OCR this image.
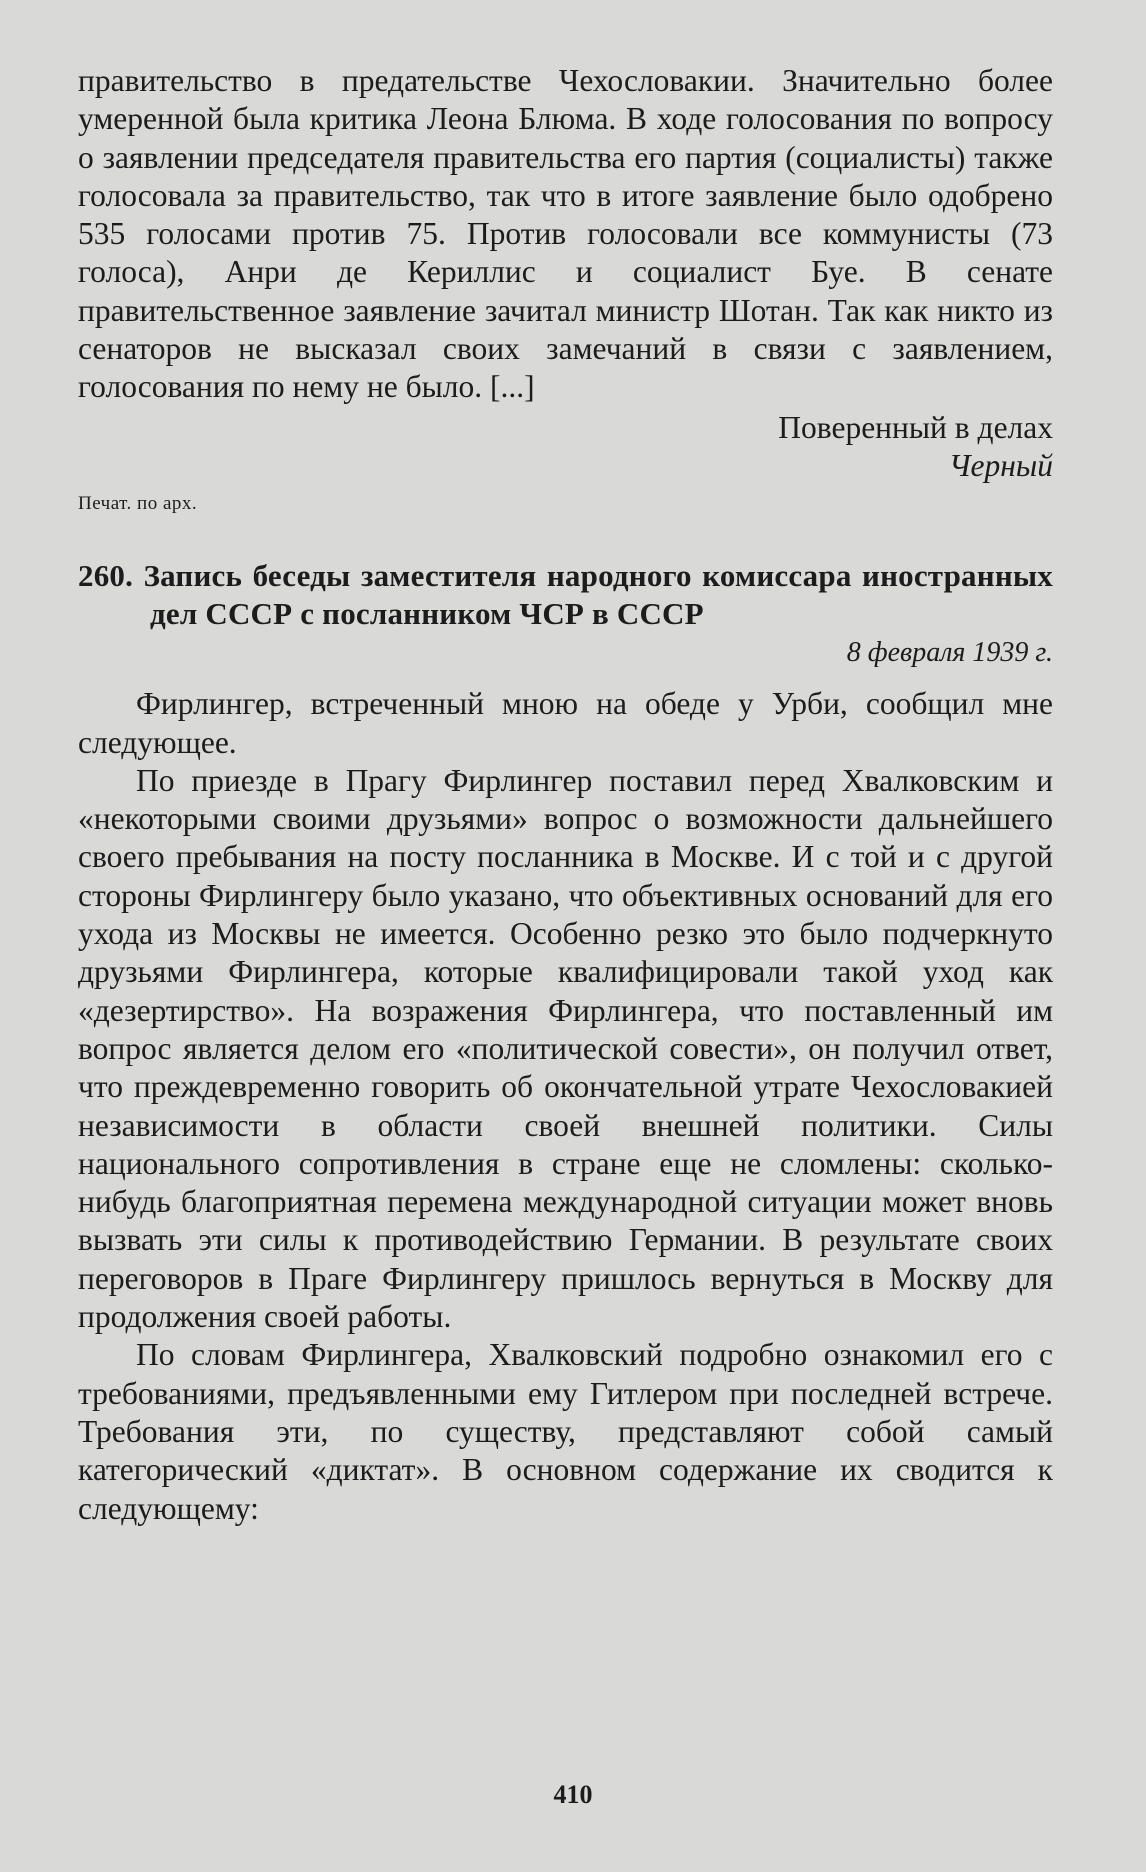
правительство в предательстве Чехословакии. Значительно более умеренной была критика Леона Блюма. В ходе голосования по вопросу о заявлении председателя правительства его партия (социалисты) также голосовала за правительство, так что в итоге заявление было одобрено 535 голосами против 75. Против голосовали все коммунисты (73 голоса), Анри де Кериллис и социалист Буе. В сенате правительственное заявление зачитал министр Шотан. Так как никто из сенаторов не высказал своих замечаний в связи с заявлением, голосования по нему не было. [...]

Поверенный в делах
Черный

Печат. по арх.

260. Запись беседы заместителя народного комиссара иностранных дел СССР с посланником ЧСР в СССР

8 февраля 1939 г.

Фирлингер, встреченный мною на обеде у Урби, сообщил мне следующее.

По приезде в Прагу Фирлингер поставил перед Хвалковским и «некоторыми своими друзьями» вопрос о возможности дальнейшего своего пребывания на посту посланника в Москве. И с той и с другой стороны Фирлингеру было указано, что объективных оснований для его ухода из Москвы не имеется. Особенно резко это было подчеркнуто друзьями Фирлингера, которые квалифицировали такой уход как «дезертирство». На возражения Фирлингера, что поставленный им вопрос является делом его «политической совести», он получил ответ, что преждевременно говорить об окончательной утрате Чехословакией независимости в области своей внешней политики. Силы национального сопротивления в стране еще не сломлены: сколько-нибудь благоприятная перемена международной ситуации может вновь вызвать эти силы к противодействию Германии. В результате своих переговоров в Праге Фирлингеру пришлось вернуться в Москву для продолжения своей работы.

По словам Фирлингера, Хвалковский подробно ознакомил его с требованиями, предъявленными ему Гитлером при последней встрече. Требования эти, по существу, представляют собой самый категорический «диктат». В основном содержание их сводится к следующему:

410
